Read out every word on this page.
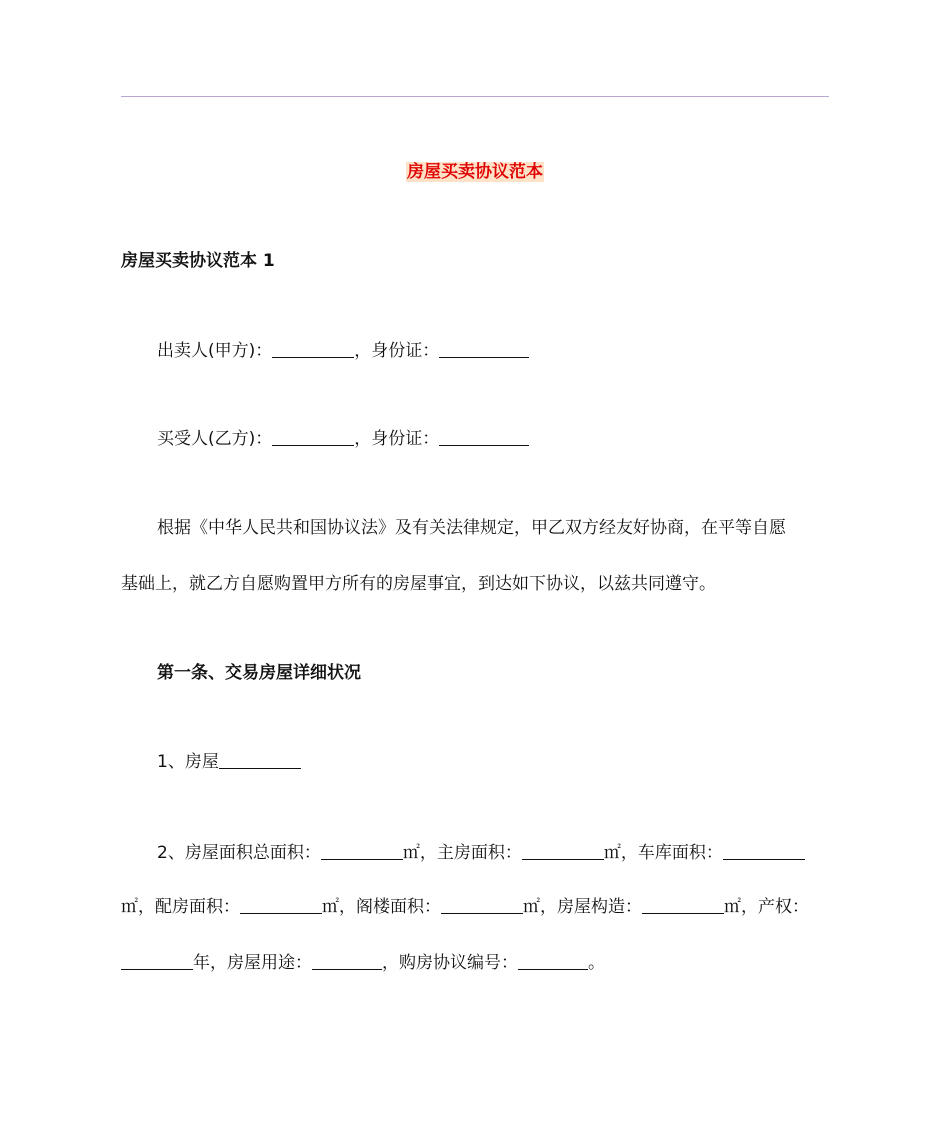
房屋买卖协议范本
房屋买卖协议范本 1
出卖人(甲方)：	，身份证：
买受人(乙方)：	，身份证：
根据《中华人民共和国协议法》及有关法律规定，甲乙双方经友好协商，在平等自愿
基础上，就乙方自愿购置甲方所有的房屋事宜，到达如下协议，以兹共同遵守。
第一条、交易房屋详细状况
1、房屋
2、房屋面积总面积：	㎡，主房面积：	㎡，车库面积：
㎡，配房面积：	㎡，阁楼面积：	㎡，房屋构造：	㎡，产权：
年，房屋用途：	，购房协议编号：	。
